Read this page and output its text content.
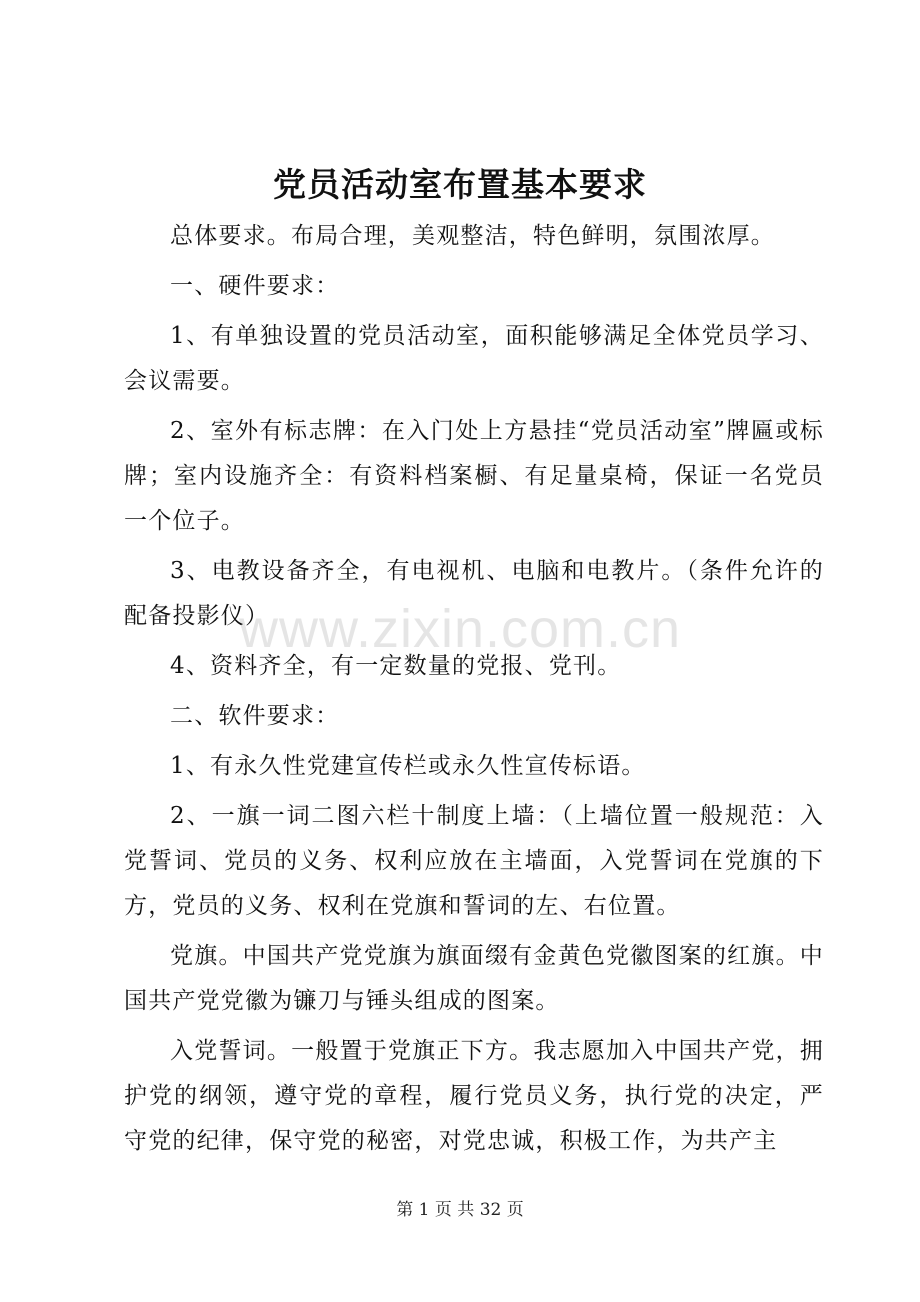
党员活动室布置基本要求
www.zixin.com.cn

总体要求。布局合理，美观整洁，特色鲜明，氛围浓厚。

一、硬件要求：

1、有单独设置的党员活动室，面积能够满足全体党员学习、会议需要。

2、室外有标志牌：在入门处上方悬挂“党员活动室”牌匾或标牌；室内设施齐全：有资料档案橱、有足量桌椅，保证一名党员一个位子。

3、电教设备齐全，有电视机、电脑和电教片。（条件允许的配备投影仪）

4、资料齐全，有一定数量的党报、党刊。

二、软件要求：

1、有永久性党建宣传栏或永久性宣传标语。

2、一旗一词二图六栏十制度上墙：（上墙位置一般规范：入党誓词、党员的义务、权利应放在主墙面，入党誓词在党旗的下方，党员的义务、权利在党旗和誓词的左、右位置。

党旗。中国共产党党旗为旗面缀有金黄色党徽图案的红旗。中国共产党党徽为镰刀与锤头组成的图案。

入党誓词。一般置于党旗正下方。我志愿加入中国共产党，拥护党的纲领，遵守党的章程，履行党员义务，执行党的决定，严守党的纪律，保守党的秘密，对党忠诚，积极工作，为共产主

第 1 页 共 32 页
